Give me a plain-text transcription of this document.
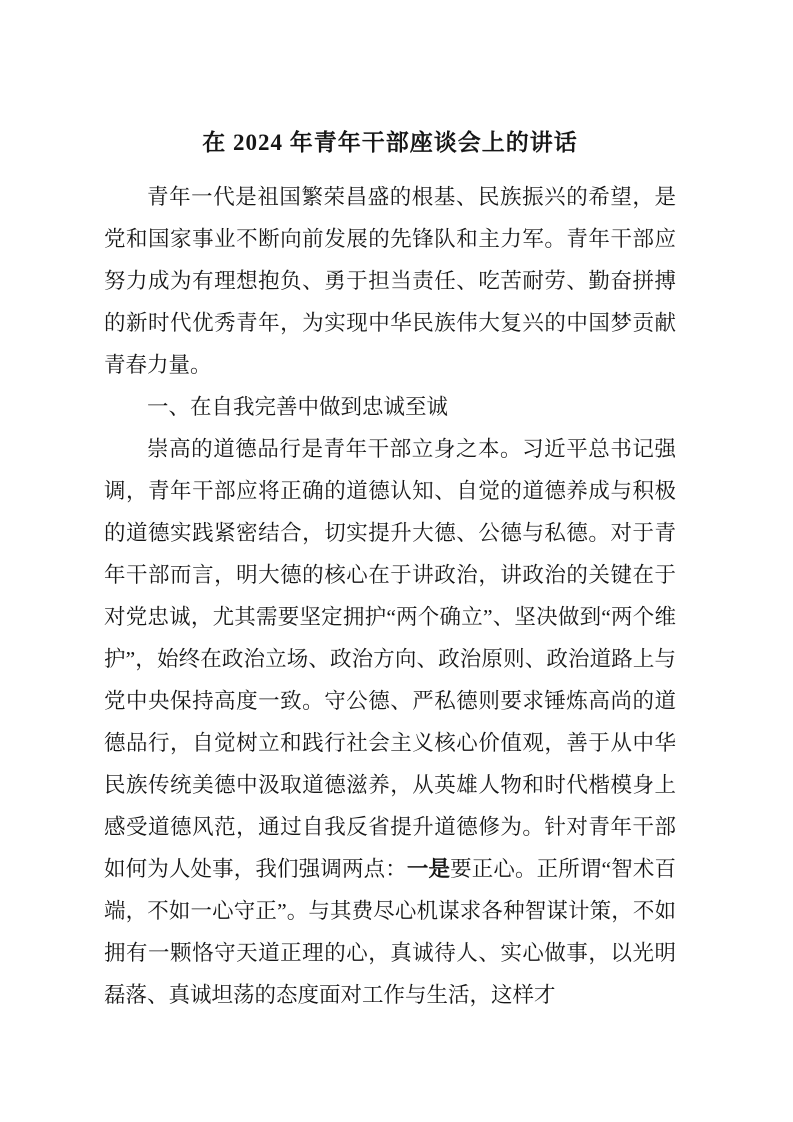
在 2024 年青年干部座谈会上的讲话

青年一代是祖国繁荣昌盛的根基、民族振兴的希望，是党和国家事业不断向前发展的先锋队和主力军。青年干部应努力成为有理想抱负、勇于担当责任、吃苦耐劳、勤奋拼搏的新时代优秀青年，为实现中华民族伟大复兴的中国梦贡献青春力量。

一、在自我完善中做到忠诚至诚

崇高的道德品行是青年干部立身之本。习近平总书记强调，青年干部应将正确的道德认知、自觉的道德养成与积极的道德实践紧密结合，切实提升大德、公德与私德。对于青年干部而言，明大德的核心在于讲政治，讲政治的关键在于对党忠诚，尤其需要坚定拥护“两个确立”、坚决做到“两个维护”，始终在政治立场、政治方向、政治原则、政治道路上与党中央保持高度一致。守公德、严私德则要求锤炼高尚的道德品行，自觉树立和践行社会主义核心价值观，善于从中华民族传统美德中汲取道德滋养，从英雄人物和时代楷模身上感受道德风范，通过自我反省提升道德修为。针对青年干部如何为人处事，我们强调两点：一是要正心。正所谓“智术百端，不如一心守正”。与其费尽心机谋求各种智谋计策，不如拥有一颗恪守天道正理的心，真诚待人、实心做事，以光明磊落、真诚坦荡的态度面对工作与生活，这样才
